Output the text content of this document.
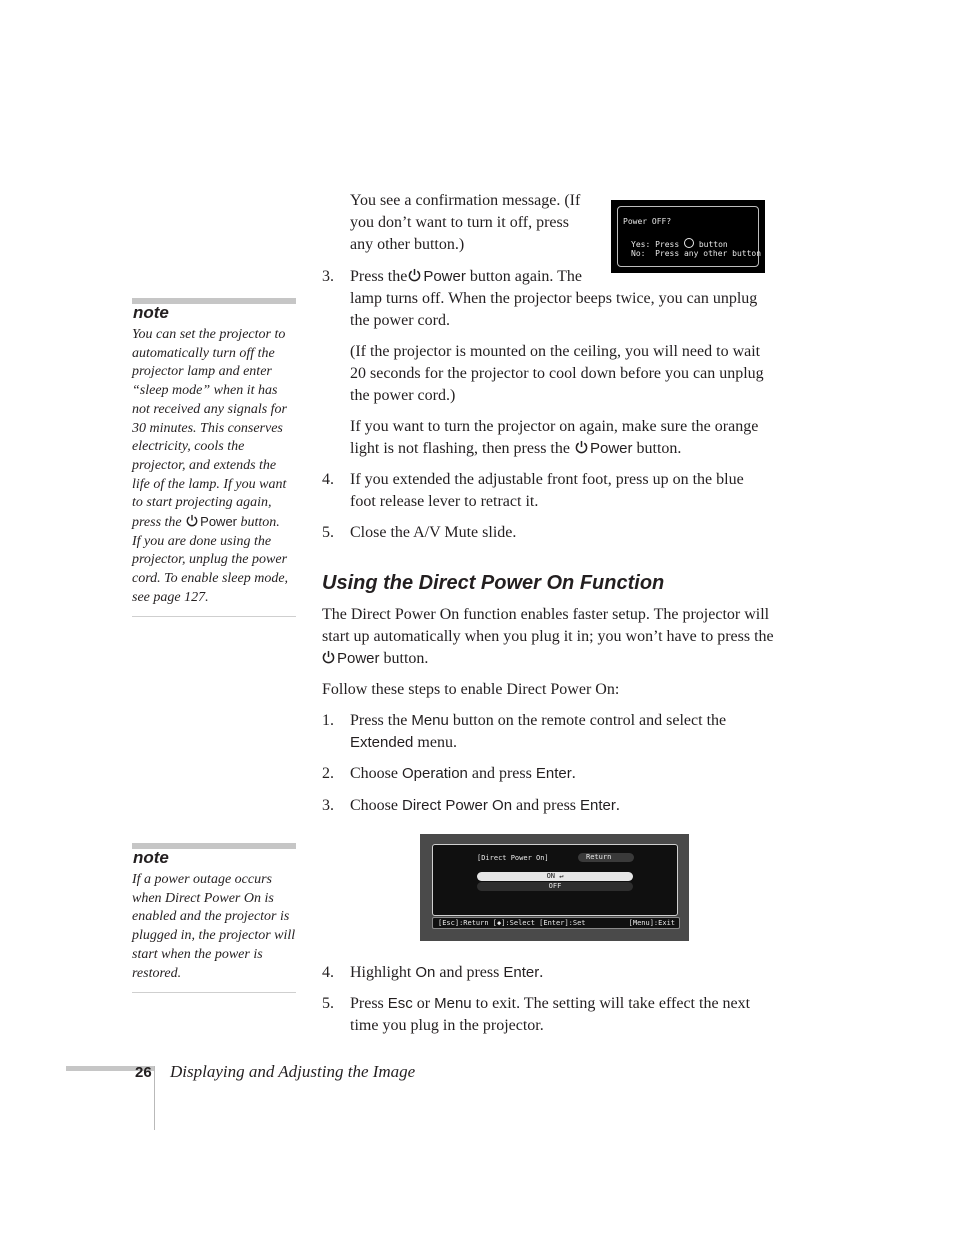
You see a confirmation message. (If
you don’t want to turn it off, press
any other button.)
Power OFF?
Yes: Press button
No:  Press any other button
3. Press the Power button again. The
lamp turns off. When the projector beeps twice, you can unplug
the power cord.
(If the projector is mounted on the ceiling, you will need to wait
20 seconds for the projector to cool down before you can unplug
the power cord.)
If you want to turn the projector on again, make sure the orange
light is not flashing, then press the Power button.
4. If you extended the adjustable front foot, press up on the blue
foot release lever to retract it.
5. Close the A/V Mute slide.
note
You can set the projector to
automatically turn off the
projector lamp and enter
“sleep mode” when it has
not received any signals for
30 minutes. This conserves
electricity, cools the
projector, and extends the
life of the lamp. If you want
to start projecting again,
press the Power button.
If you are done using the
projector, unplug the power
cord. To enable sleep mode,
see page 127.
Using the Direct Power On Function
The Direct Power On function enables faster setup. The projector will
start up automatically when you plug it in; you won’t have to press the
Power button.
Follow these steps to enable Direct Power On:
1. Press the Menu button on the remote control and select the
Extended menu.
2. Choose Operation and press Enter.
3. Choose Direct Power On and press Enter.
[Direct Power On]	Return
ON ↵
OFF
[Esc]:Return [◆]:Select [Enter]:Set	[Menu]:Exit
4. Highlight On and press Enter.
5. Press Esc or Menu to exit. The setting will take effect the next
time you plug in the projector.
note
If a power outage occurs
when Direct Power On is
enabled and the projector is
plugged in, the projector will
start when the power is
restored.
26 Displaying and Adjusting the Image
